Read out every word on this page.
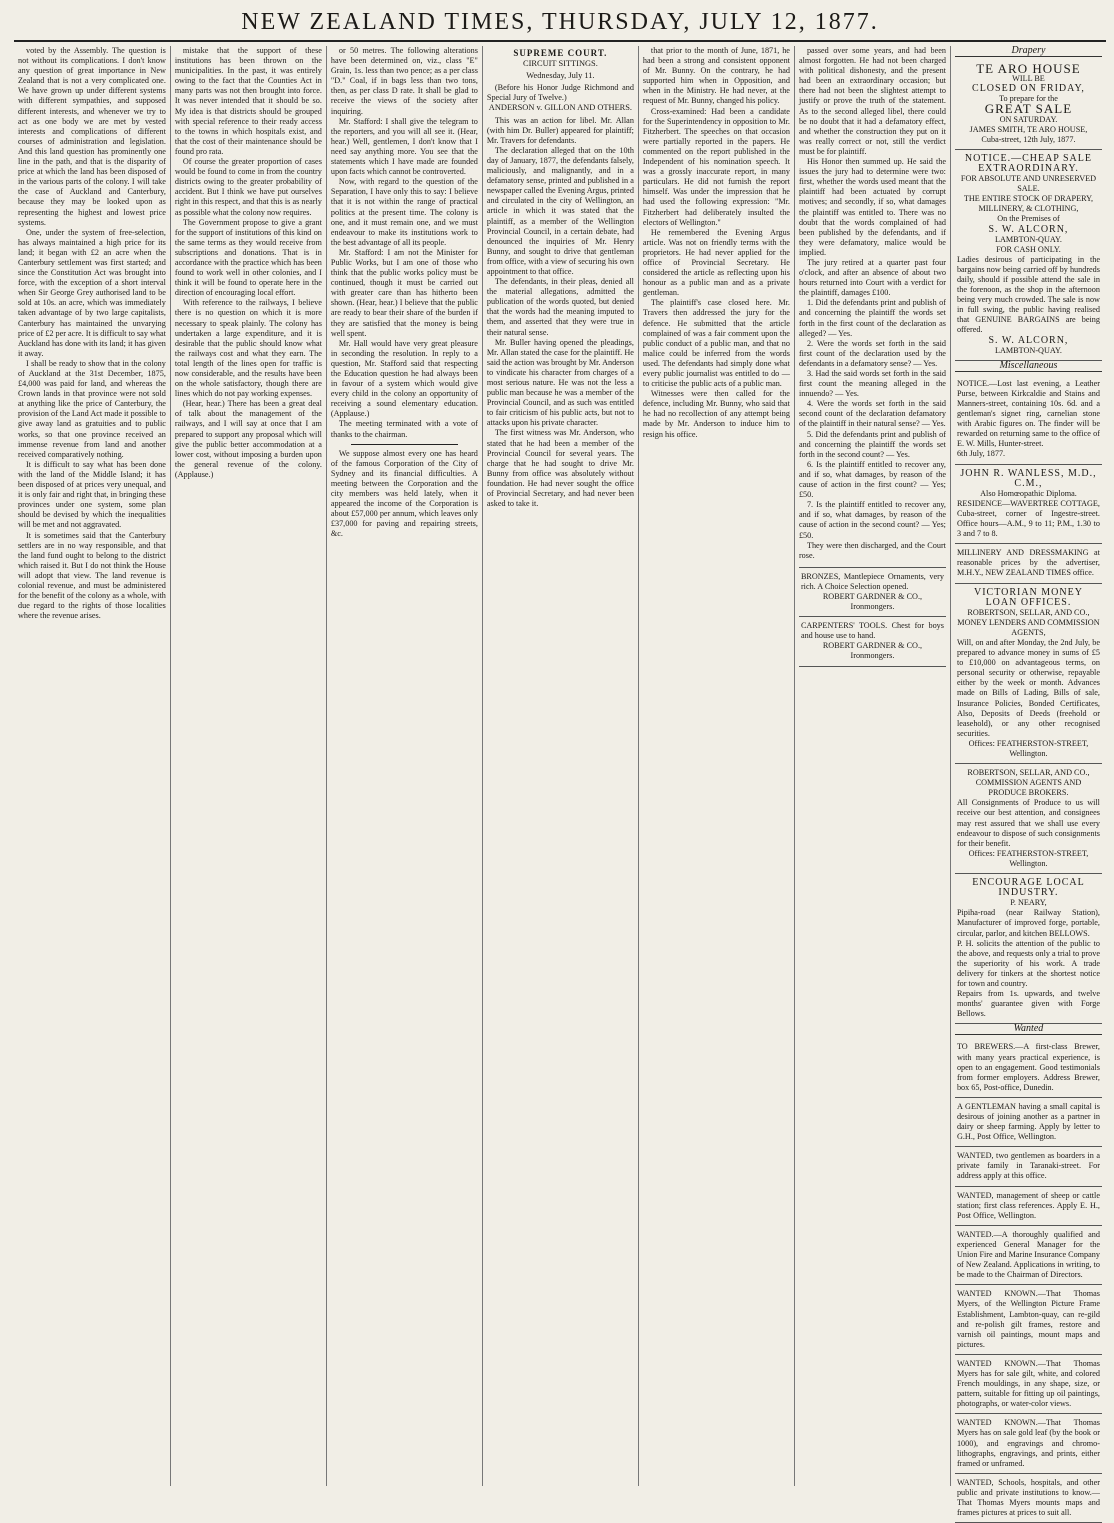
NEW ZEALAND TIMES, THURSDAY, JULY 12, 1877.

voted by the Assembly. The question is not without its complications. I don't know any question of great importance in New Zealand that is not a very complicated one. We have grown up under different systems with different sympathies, and supposed different interests, and whenever we try to act as one body we are met by vested interests and complications of different courses of administration and legislation. And this land question has prominently one line in the path, and that is the disparity of price at which the land has been disposed of in the various parts of the colony. I will take the case of Auckland and Canterbury, because they may be looked upon as representing the highest and lowest price systems.

One, under the system of free-selection, has always maintained a high price for its land; it began with £2 an acre when the Canterbury settlement was first started; and since the Constitution Act was brought into force, with the exception of a short interval when Sir George Grey authorised land to be sold at 10s. an acre, which was immediately taken advantage of by two large capitalists, Canterbury has maintained the unvarying price of £2 per acre. It is difficult to say what Auckland has done with its land; it has given it away.

I shall be ready to show that in the colony of Auckland at the 31st December, 1875, £4,000 was paid for land, and whereas the Crown lands in that province were not sold at anything like the price of Canterbury, the provision of the Land Act made it possible to give away land as gratuities and to public works, so that one province received an immense revenue from land and another received comparatively nothing.

It is difficult to say what has been done with the land of the Middle Island; it has been disposed of at prices very unequal, and it is only fair and right that, in bringing these provinces under one system, some plan should be devised by which the inequalities will be met and not aggravated.

It is sometimes said that the Canterbury settlers are in no way responsible, and that the land fund ought to belong to the district which raised it. But I do not think the House will adopt that view. The land revenue is colonial revenue, and must be administered for the benefit of the colony as a whole, with due regard to the rights of those localities where the revenue arises.

mistake that the support of these institutions has been thrown on the municipalities. In the past, it was entirely owing to the fact that the Counties Act in many parts was not then brought into force. It was never intended that it should be so. My idea is that districts should be grouped with special reference to their ready access to the towns in which hospitals exist, and that the cost of their maintenance should be found pro rata.

Of course the greater proportion of cases would be found to come in from the country districts owing to the greater probability of accident. But I think we have put ourselves right in this respect, and that this is as nearly as possible what the colony now requires.

The Government propose to give a grant for the support of institutions of this kind on the same terms as they would receive from subscriptions and donations. That is in accordance with the practice which has been found to work well in other colonies, and I think it will be found to operate here in the direction of encouraging local effort.

With reference to the railways, I believe there is no question on which it is more necessary to speak plainly. The colony has undertaken a large expenditure, and it is desirable that the public should know what the railways cost and what they earn. The total length of the lines open for traffic is now considerable, and the results have been on the whole satisfactory, though there are lines which do not pay working expenses.

(Hear, hear.) There has been a great deal of talk about the management of the railways, and I will say at once that I am prepared to support any proposal which will give the public better accommodation at a lower cost, without imposing a burden upon the general revenue of the colony. (Applause.)

or 50 metres. The following alterations have been determined on, viz., class "E" Grain, 1s. less than two pence; as a per class "D." Coal, if in bags less than two tons, then, as per class D rate. It shall be glad to receive the views of the society after inquiring.

Mr. Stafford: I shall give the telegram to the reporters, and you will all see it. (Hear, hear.) Well, gentlemen, I don't know that I need say anything more. You see that the statements which I have made are founded upon facts which cannot be controverted.

Now, with regard to the question of the Separation, I have only this to say: I believe that it is not within the range of practical politics at the present time. The colony is one, and it must remain one, and we must endeavour to make its institutions work to the best advantage of all its people.

Mr. Stafford: I am not the Minister for Public Works, but I am one of those who think that the public works policy must be continued, though it must be carried out with greater care than has hitherto been shown. (Hear, hear.) I believe that the public are ready to bear their share of the burden if they are satisfied that the money is being well spent.

Mr. Hall would have very great pleasure in seconding the resolution. In reply to a question, Mr. Stafford said that respecting the Education question he had always been in favour of a system which would give every child in the colony an opportunity of receiving a sound elementary education. (Applause.)

The meeting terminated with a vote of thanks to the chairman.

We suppose almost every one has heard of the famous Corporation of the City of Sydney and its financial difficulties. A meeting between the Corporation and the city members was held lately, when it appeared the income of the Corporation is about £57,000 per annum, which leaves only £37,000 for paving and repairing streets, &c.

SUPREME COURT.
CIRCUIT SITTINGS.
Wednesday, July 11.

(Before his Honor Judge Richmond and Special Jury of Twelve.)

ANDERSON v. GILLON AND OTHERS.

This was an action for libel. Mr. Allan (with him Dr. Buller) appeared for plaintiff; Mr. Travers for defendants.

The declaration alleged that on the 10th day of January, 1877, the defendants falsely, maliciously, and malignantly, and in a defamatory sense, printed and published in a newspaper called the Evening Argus, printed and circulated in the city of Wellington, an article in which it was stated that the plaintiff, as a member of the Wellington Provincial Council, in a certain debate, had denounced the inquiries of Mr. Henry Bunny, and sought to drive that gentleman from office, with a view of securing his own appointment to that office.

The defendants, in their pleas, denied all the material allegations, admitted the publication of the words quoted, but denied that the words had the meaning imputed to them, and asserted that they were true in their natural sense.

Mr. Buller having opened the pleadings, Mr. Allan stated the case for the plaintiff. He said the action was brought by Mr. Anderson to vindicate his character from charges of a most serious nature. He was not the less a public man because he was a member of the Provincial Council, and as such was entitled to fair criticism of his public acts, but not to attacks upon his private character.

The first witness was Mr. Anderson, who stated that he had been a member of the Provincial Council for several years. The charge that he had sought to drive Mr. Bunny from office was absolutely without foundation. He had never sought the office of Provincial Secretary, and had never been asked to take it.

that prior to the month of June, 1871, he had been a strong and consistent opponent of Mr. Bunny. On the contrary, he had supported him when in Opposition, and when in the Ministry. He had never, at the request of Mr. Bunny, changed his policy.

Cross-examined: Had been a candidate for the Superintendency in opposition to Mr. Fitzherbert. The speeches on that occasion were partially reported in the papers. He commented on the report published in the Independent of his nomination speech. It was a grossly inaccurate report, in many particulars. He did not furnish the report himself. Was under the impression that he had used the following expression: "Mr. Fitzherbert had deliberately insulted the electors of Wellington."

He remembered the Evening Argus article. Was not on friendly terms with the proprietors. He had never applied for the office of Provincial Secretary. He considered the article as reflecting upon his honour as a public man and as a private gentleman.

The plaintiff's case closed here. Mr. Travers then addressed the jury for the defence. He submitted that the article complained of was a fair comment upon the public conduct of a public man, and that no malice could be inferred from the words used. The defendants had simply done what every public journalist was entitled to do — to criticise the public acts of a public man.

Witnesses were then called for the defence, including Mr. Bunny, who said that he had no recollection of any attempt being made by Mr. Anderson to induce him to resign his office.

passed over some years, and had been almost forgotten. He had not been charged with political dishonesty, and the present had been an extraordinary occasion; but there had not been the slightest attempt to justify or prove the truth of the statement. As to the second alleged libel, there could be no doubt that it had a defamatory effect, and whether the construction they put on it was really correct or not, still the verdict must be for plaintiff.

His Honor then summed up. He said the issues the jury had to determine were two: first, whether the words used meant that the plaintiff had been actuated by corrupt motives; and secondly, if so, what damages the plaintiff was entitled to. There was no doubt that the words complained of had been published by the defendants, and if they were defamatory, malice would be implied.

The jury retired at a quarter past four o'clock, and after an absence of about two hours returned into Court with a verdict for the plaintiff, damages £100.

1. Did the defendants print and publish of and concerning the plaintiff the words set forth in the first count of the declaration as alleged? — Yes.

2. Were the words set forth in the said first count of the declaration used by the defendants in a defamatory sense? — Yes.

3. Had the said words set forth in the said first count the meaning alleged in the innuendo? — Yes.

4. Were the words set forth in the said second count of the declaration defamatory of the plaintiff in their natural sense? — Yes.

5. Did the defendants print and publish of and concerning the plaintiff the words set forth in the second count? — Yes.

6. Is the plaintiff entitled to recover any, and if so, what damages, by reason of the cause of action in the first count? — Yes; £50.

7. Is the plaintiff entitled to recover any, and if so, what damages, by reason of the cause of action in the second count? — Yes; £50.

They were then discharged, and the Court rose.

BRONZES, Mantlepiece Ornaments, very rich. A Choice Selection opened.
ROBERT GARDNER & CO.,
Ironmongers.
CARPENTERS' TOOLS. Chest for boys and house use to hand.
ROBERT GARDNER & CO.,
Ironmongers.
Drapery
TE ARO HOUSE
WILL BE
CLOSED ON FRIDAY,
To prepare for the
GREAT SALE
ON SATURDAY.
JAMES SMITH, TE ARO HOUSE,
Cuba-street, 12th July, 1877.
NOTICE.—CHEAP SALE EXTRAORDINARY.
FOR ABSOLUTE AND UNRESERVED SALE.
THE ENTIRE STOCK OF DRAPERY, MILLINERY, & CLOTHING,
On the Premises of
S. W. ALCORN,
LAMBTON-QUAY.
FOR CASH ONLY.
Ladies desirous of participating in the bargains now being carried off by hundreds daily, should if possible attend the sale in the forenoon, as the shop in the afternoon being very much crowded. The sale is now in full swing, the public having realised that GENUINE BARGAINS are being offered.
S. W. ALCORN,
LAMBTON-QUAY.
Miscellaneous
NOTICE.—Lost last evening, a Leather Purse, between Kirkcaldie and Stains and Manners-street, containing 10s. 6d. and a gentleman's signet ring, carnelian stone with Arabic figures on. The finder will be rewarded on returning same to the office of E. W. Mills, Hunter-street.
6th July, 1877.
JOHN R. WANLESS, M.D., C.M.,
Also Homœopathic Diploma.
RESIDENCE—WAVERTREE COTTAGE, Cuba-street, corner of Ingestre-street. Office hours—A.M., 9 to 11; P.M., 1.30 to 3 and 7 to 8.
MILLINERY AND DRESSMAKING at reasonable prices by the advertiser, M.H.Y., NEW ZEALAND TIMES office.
VICTORIAN MONEY LOAN OFFICES.
ROBERTSON, SELLAR, AND CO., MONEY LENDERS AND COMMISSION AGENTS,
Will, on and after Monday, the 2nd July, be prepared to advance money in sums of £5 to £10,000 on advantageous terms, on personal security or otherwise, repayable either by the week or month. Advances made on Bills of Lading, Bills of sale, Insurance Policies, Bonded Certificates, Also, Deposits of Deeds (freehold or leasehold), or any other recognised securities.
Offices: FEATHERSTON-STREET, Wellington.
ROBERTSON, SELLAR, AND CO., COMMISSION AGENTS AND PRODUCE BROKERS.
All Consignments of Produce to us will receive our best attention, and consignees may rest assured that we shall use every endeavour to dispose of such consignments for their benefit.
Offices: FEATHERSTON-STREET, Wellington.
ENCOURAGE LOCAL INDUSTRY.
P. NEARY,
Pipiha-road (near Railway Station), Manufacturer of improved forge, portable, circular, parlor, and kitchen BELLOWS.
P. H. solicits the attention of the public to the above, and requests only a trial to prove the superiority of his work. A trade delivery for tinkers at the shortest notice for town and country.
Repairs from 1s. upwards, and twelve months' guarantee given with Forge Bellows.
Wanted
TO BREWERS.—A first-class Brewer, with many years practical experience, is open to an engagement. Good testimonials from former employers. Address Brewer, box 65, Post-office, Dunedin.
A GENTLEMAN having a small capital is desirous of joining another as a partner in dairy or sheep farming. Apply by letter to G.H., Post Office, Wellington.
WANTED, two gentlemen as boarders in a private family in Taranaki-street. For address apply at this office.
WANTED, management of sheep or cattle station; first class references. Apply E. H., Post Office, Wellington.
WANTED.—A thoroughly qualified and experienced General Manager for the Union Fire and Marine Insurance Company of New Zealand. Applications in writing, to be made to the Chairman of Directors.
WANTED KNOWN.—That Thomas Myers, of the Wellington Picture Frame Establishment, Lambton-quay, can re-gild and re-polish gilt frames, restore and varnish oil paintings, mount maps and pictures.
WANTED KNOWN.—That Thomas Myers has for sale gilt, white, and colored French mouldings, in any shape, size, or pattern, suitable for fitting up oil paintings, photographs, or water-color views.
WANTED KNOWN.—That Thomas Myers has on sale gold leaf (by the book or 1000), and engravings and chromo-lithographs, engravings, and prints, either framed or unframed.
WANTED, Schools, hospitals, and other public and private institutions to know.—That Thomas Myers mounts maps and frames pictures at prices to suit all.
